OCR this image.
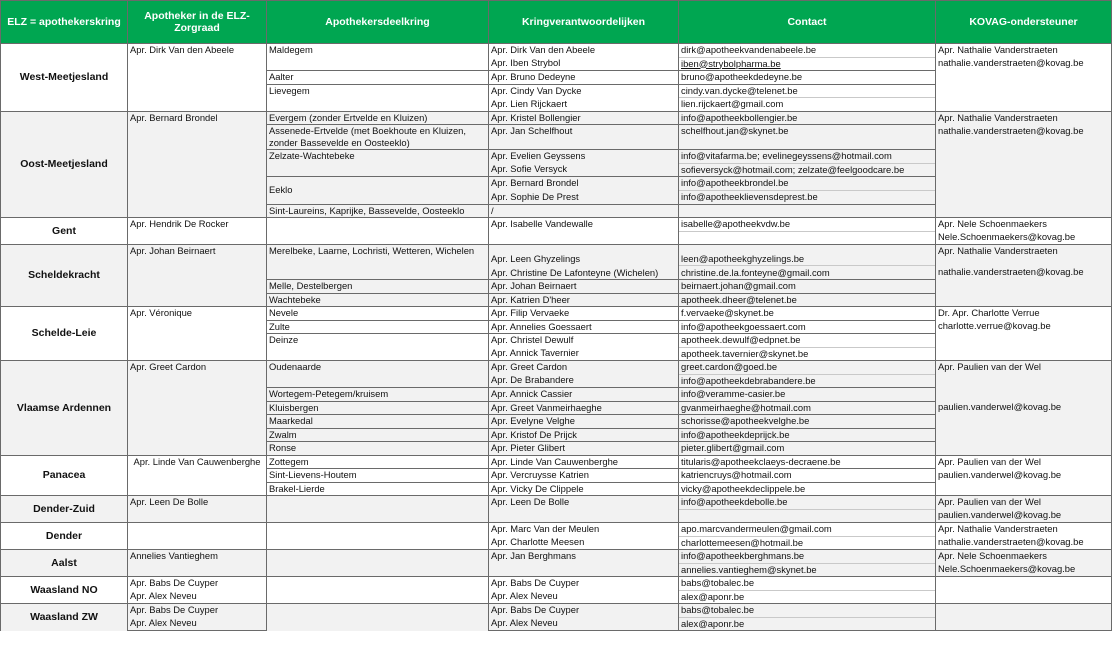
ELZ = apothekerskring	Apotheker in de ELZ-Zorgraad	Apothekersdeelkring	Kringverantwoordelijken	Contact	KOVAG-ondersteuner
West-Meetjesland	Apr. Dirk Van den Abeele	Maldegem	Apr. Dirk Van den Abeele	dirk@apotheekvandenabeele.be	Apr. Nathalie Vanderstraeten
			Apr. Iben Strybol	iben@strybolpharma.be	nathalie.vanderstraeten@kovag.be
		Aalter	Apr. Bruno Dedeyne	bruno@apotheekdedeyne.be	
		Lievegem	Apr. Cindy Van Dycke	cindy.van.dycke@telenet.be	
			Apr. Lien Rijckaert	lien.rijckaert@gmail.com	
Oost-Meetjesland	Apr. Bernard Brondel	Evergem (zonder Ertvelde en Kluizen)	Apr. Kristel Bollengier	info@apotheekbollengier.be	Apr. Nathalie Vanderstraeten
		Assenede-Ertvelde (met Boekhoute en Kluizen, zonder Bassevelde en Oosteeklo)	Apr. Jan Schelfhout	schelfhout.jan@skynet.be	nathalie.vanderstraeten@kovag.be
		Zelzate-Wachtebeke	Apr. Evelien Geyssens	info@vitafarma.be; evelinegeyssens@hotmail.com	
			Apr. Sofie Versyck	sofieversyck@hotmail.com; zelzate@feelgoodcare.be	
		Eeklo	Apr. Bernard Brondel	info@apotheekbrondel.be	
			Apr. Sophie De Prest	info@apotheeklievensdeprest.be	
		Sint-Laureins, Kaprijke, Bassevelde, Oosteeklo	/		
Gent	Apr. Hendrik De Rocker		Apr. Isabelle Vandewalle	isabelle@apotheekvdw.be	Apr. Nele Schoenmaekers
					Nele.Schoenmaekers@kovag.be
Scheldekracht	Apr. Johan Beirnaert	Merelbeke, Laarne, Lochristi, Wetteren, Wichelen	Apr. Leen Ghyzelings	leen@apotheekghyzelings.be	Apr. Nathalie Vanderstraeten
			Apr. Christine De Lafonteyne (Wichelen)	christine.de.la.fonteyne@gmail.com	nathalie.vanderstraeten@kovag.be
		Melle, Destelbergen	Apr. Johan Beirnaert	beirnaert.johan@gmail.com	
		Wachtebeke	Apr. Katrien D'heer	apotheek.dheer@telenet.be	
Schelde-Leie	Apr. Véronique	Nevele	Apr. Filip Vervaeke	f.vervaeke@skynet.be	Dr. Apr. Charlotte Verrue
		Zulte	Apr. Annelies Goessaert	info@apotheekgoessaert.com	charlotte.verrue@kovag.be
		Deinze	Apr. Christel Dewulf	apotheek.dewulf@edpnet.be	
			Apr. Annick Tavernier	apotheek.tavernier@skynet.be	
Vlaamse Ardennen	Apr. Greet Cardon	Oudenaarde	Apr. Greet Cardon	greet.cardon@goed.be	Apr. Paulien van der Wel
			Apr. De Brabandere	info@apotheekdebrabandere.be	
		Wortegem-Petegem/kruisem	Apr. Annick Cassier	info@veramme-casier.be	
		Kluisbergen	Apr. Greet Vanmeirhaeghe	gvanmeirhaeghe@hotmail.com	paulien.vanderwel@kovag.be
		Maarkedal	Apr. Evelyne Velghe	schorisse@apotheekvelghe.be	
		Zwalm	Apr. Kristof De Prijck	info@apotheekdeprijck.be	
		Ronse	Apr. Pieter Glibert	pieter.glibert@gmail.com	
Panacea	Apr. Linde Van Cauwenberghe	Zottegem	Apr. Linde Van Cauwenberghe	titularis@apotheekclaeys-decraene.be	Apr. Paulien van der Wel
		Sint-Lievens-Houtem	Apr. Vercruysse Katrien	katriencruys@hotmail.com	paulien.vanderwel@kovag.be
		Brakel-Lierde	Apr. Vicky De Clippele	vicky@apotheekdeclippele.be	
Dender-Zuid	Apr. Leen De Bolle		Apr. Leen De Bolle	info@apotheekdebolle.be	Apr. Paulien van der Wel
					paulien.vanderwel@kovag.be
Dender			Apr. Marc Van der Meulen	apo.marcvandermeulen@gmail.com	Apr. Nathalie Vanderstraeten
			Apr. Charlotte Meesen	charlottemeesen@hotmail.be	nathalie.vanderstraeten@kovag.be
Aalst	Annelies Vantieghem		Apr. Jan Berghmans	info@apotheekberghmans.be	Apr. Nele Schoenmaekers
				annelies.vantieghem@skynet.be	Nele.Schoenmaekers@kovag.be
Waasland NO	Apr. Babs De Cuyper		Apr. Babs De Cuyper	babs@tobalec.be	
	Apr. Alex Neveu		Apr. Alex Neveu	alex@aponr.be	
Waasland ZW	Apr. Babs De Cuyper		Apr. Babs De Cuyper	babs@tobalec.be	
	Apr. Alex Neveu		Apr. Alex Neveu	alex@aponr.be	
